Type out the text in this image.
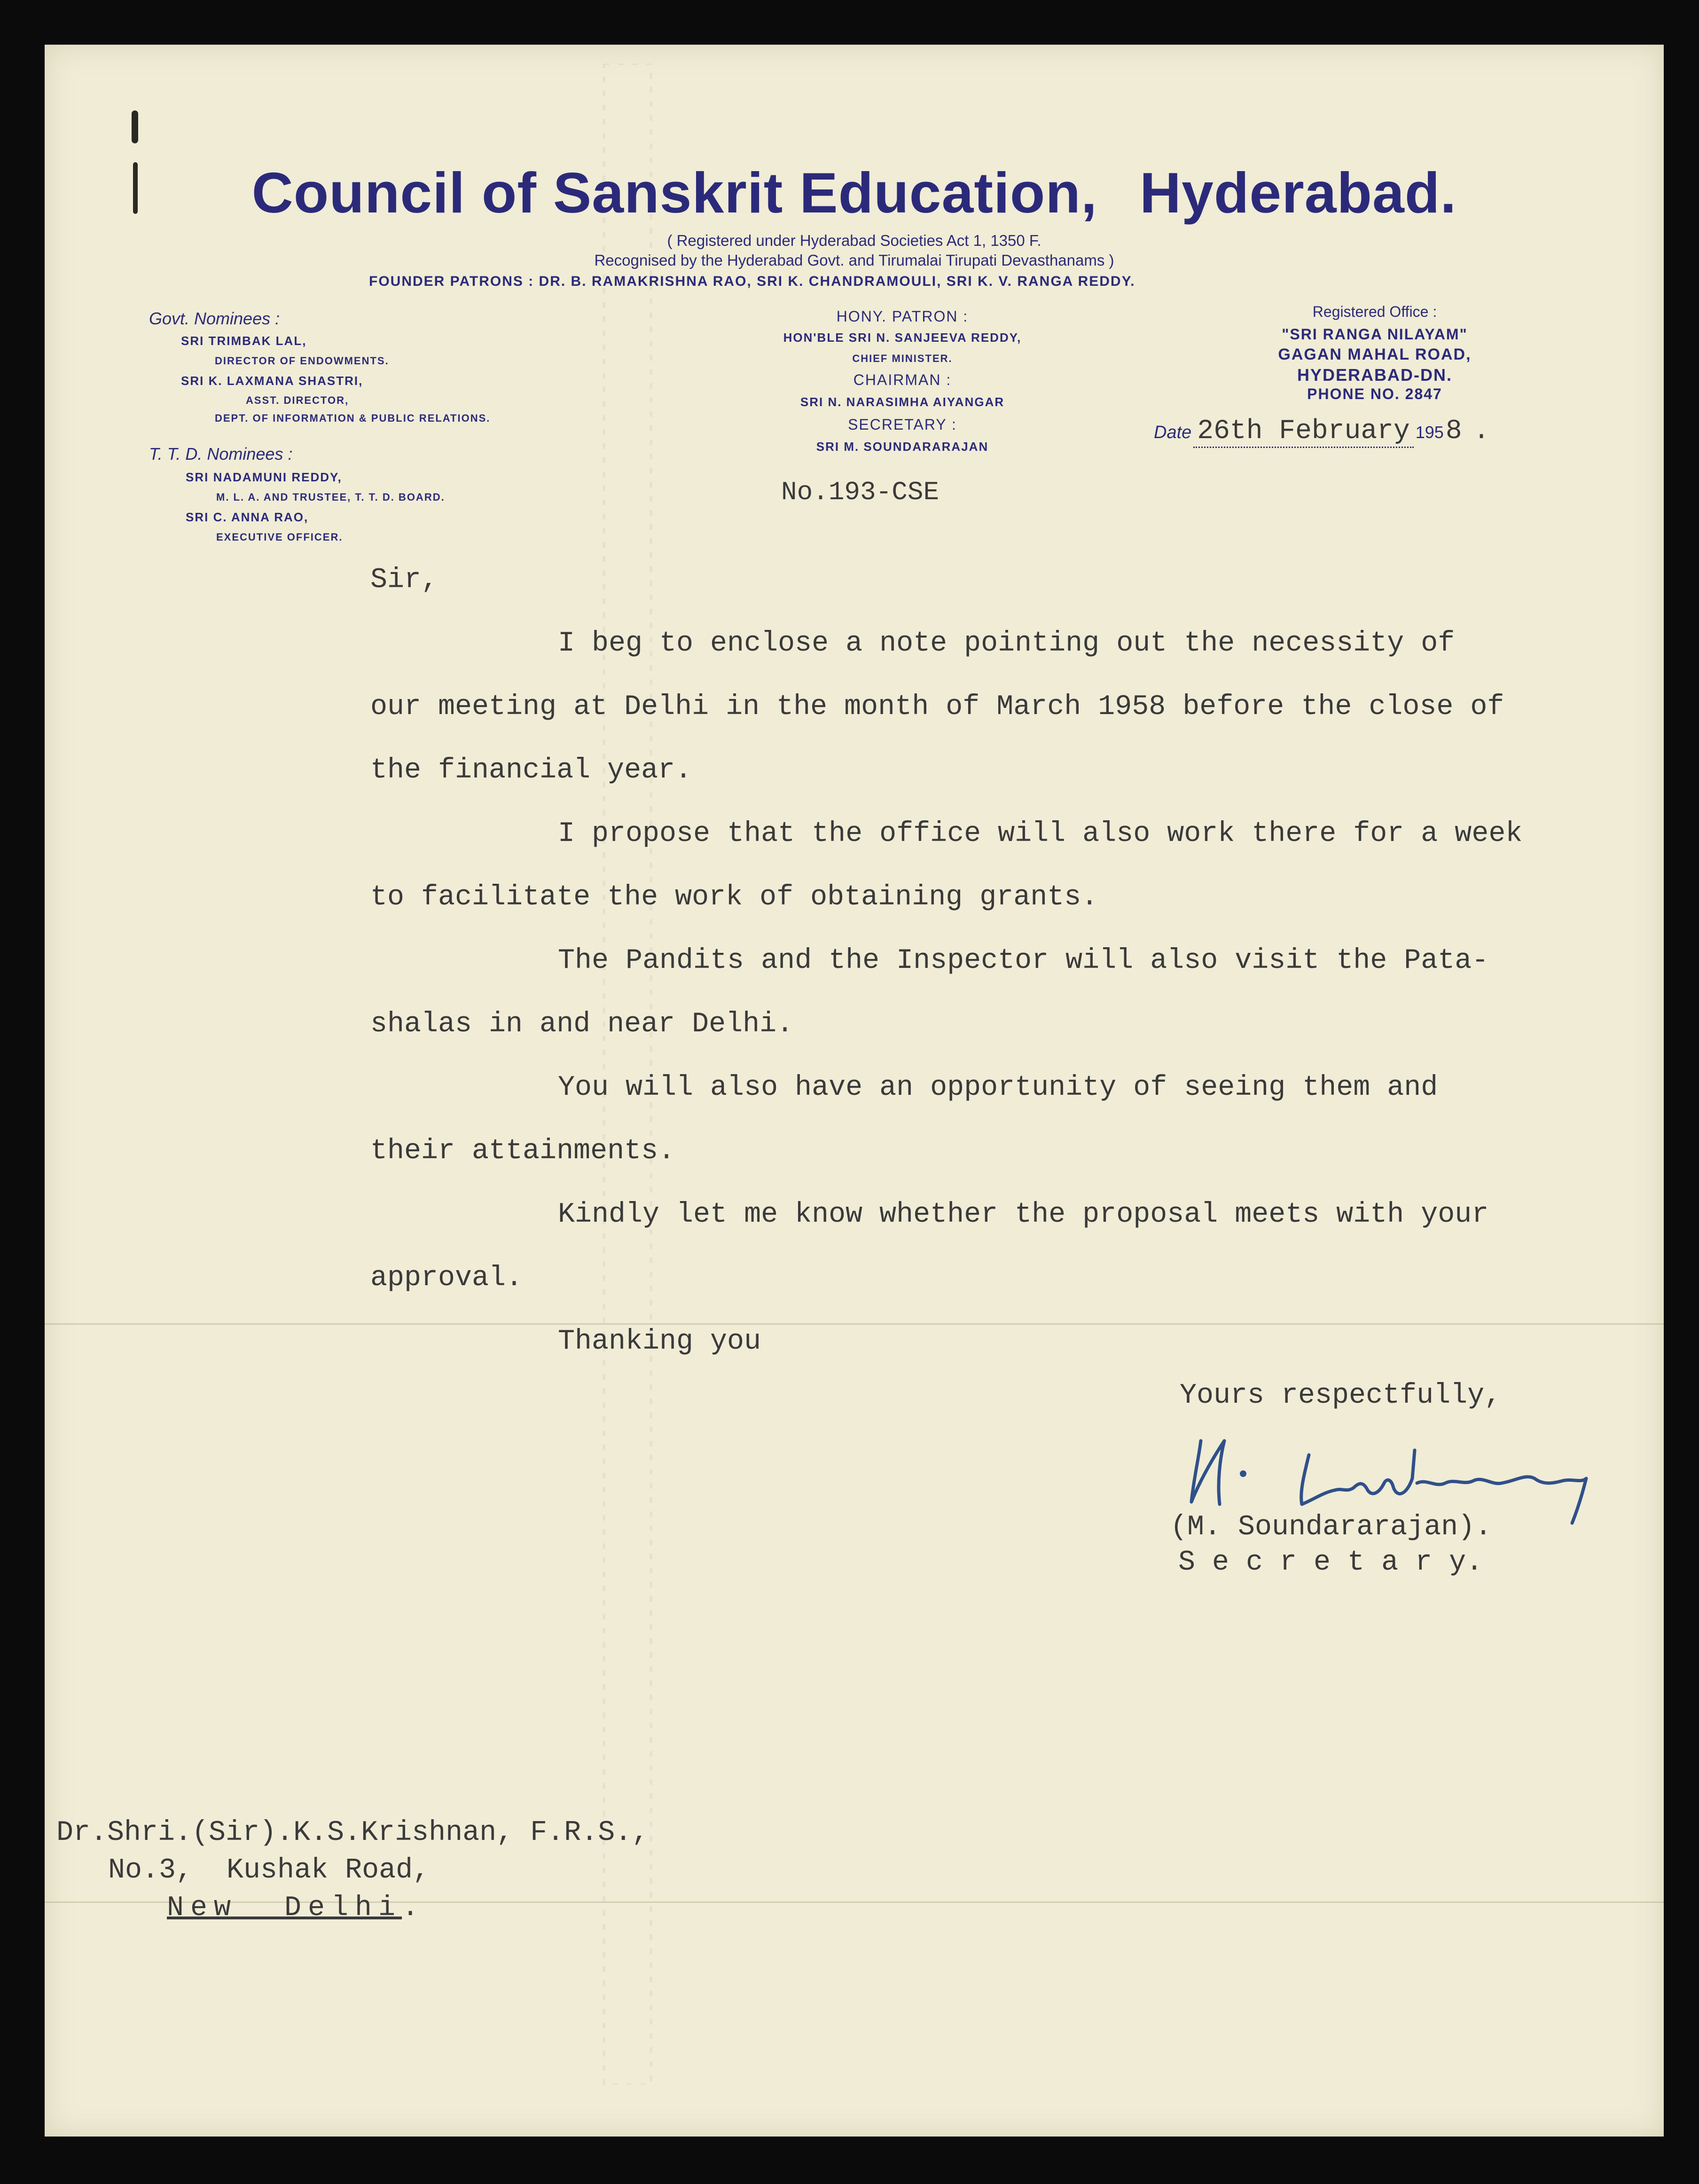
Council of Sanskrit Education, Hyderabad.
( Registered under Hyderabad Societies Act 1, 1350 F.
Recognised by the Hyderabad Govt. and Tirumalai Tirupati Devasthanams )
FOUNDER PATRONS : DR. B. RAMAKRISHNA RAO, SRI K. CHANDRAMOULI, SRI K. V. RANGA REDDY.
Govt. Nominees :
SRI TRIMBAK LAL,
DIRECTOR OF ENDOWMENTS.
SRI K. LAXMANA SHASTRI,
ASST. DIRECTOR,
DEPT. OF INFORMATION & PUBLIC RELATIONS.
T. T. D. Nominees :
SRI NADAMUNI REDDY,
M. L. A. AND TRUSTEE, T. T. D. BOARD.
SRI C. ANNA RAO,
EXECUTIVE OFFICER.
HONY. PATRON :
HON'BLE SRI N. SANJEEVA REDDY,
CHIEF MINISTER.
CHAIRMAN :
SRI N. NARASIMHA AIYANGAR
SECRETARY :
SRI M. SOUNDARARAJAN
Registered Office :
"SRI RANGA NILAYAM"
GAGAN MAHAL ROAD,
HYDERABAD-DN.
PHONE NO. 2847
Date 26th February 195 8 .
No.193-CSE
Sir,
I beg to enclose a note pointing out the necessity of
our meeting at Delhi in the month of March 1958 before the close of
the financial year.
I propose that the office will also work there for a week
to facilitate the work of obtaining grants.
The Pandits and the Inspector will also visit the Pata-
shalas in and near Delhi.
You will also have an opportunity of seeing them and
their attainments.
Kindly let me know whether the proposal meets with your
approval.
Thanking you
Yours respectfully,
(M. Soundararajan).
S e c r e t a r y.
Dr.Shri.(Sir).K.S.Krishnan, F.R.S.,
No.3,  Kushak Road,
New  Delhi.
